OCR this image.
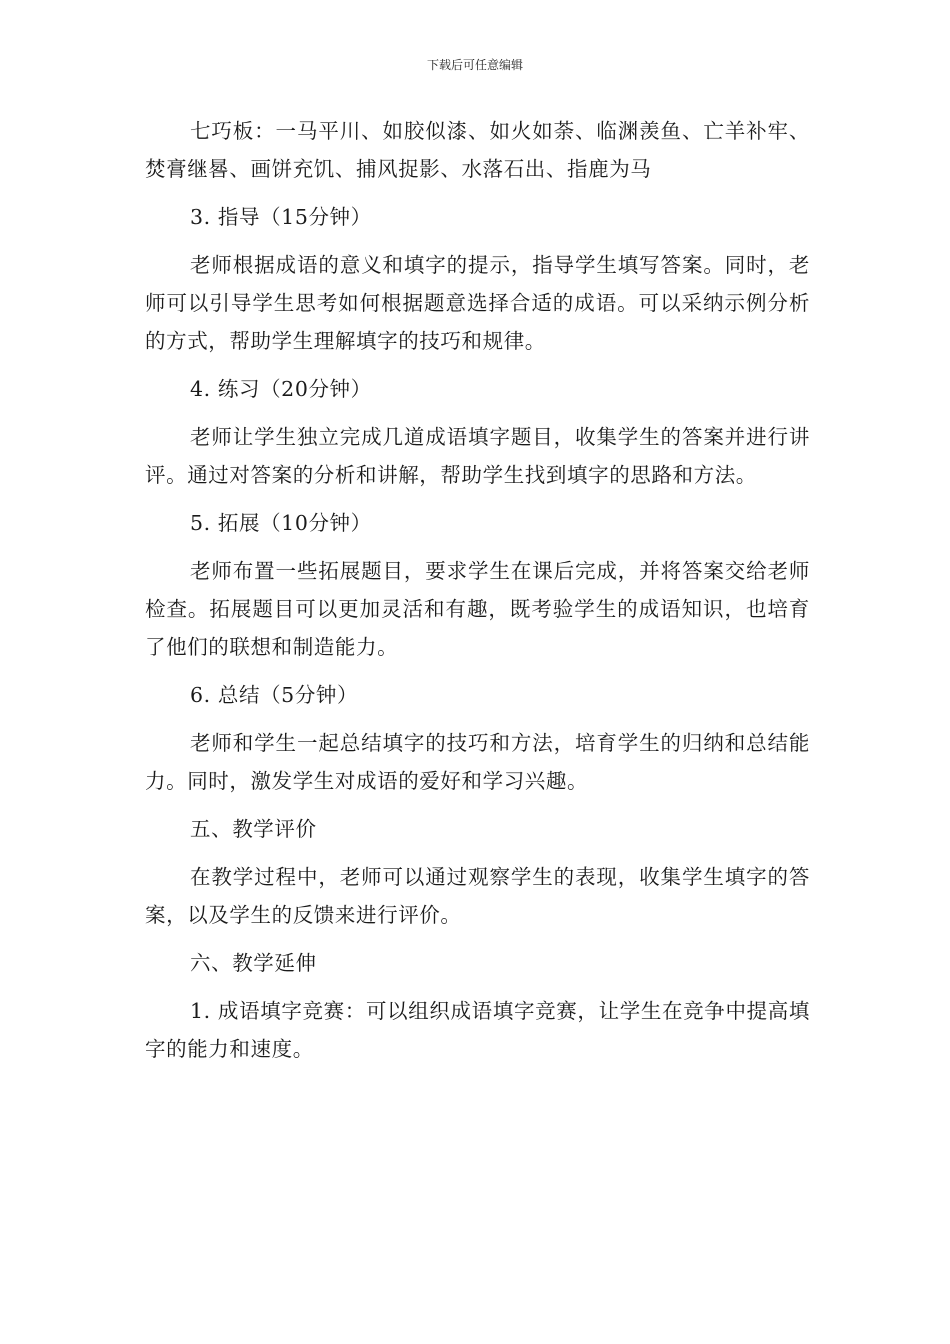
下载后可任意编辑

七巧板：一马平川、如胶似漆、如火如荼、临渊羡鱼、亡羊补牢、焚膏继晷、画饼充饥、捕风捉影、水落石出、指鹿为马

3. 指导（15分钟）

老师根据成语的意义和填字的提示，指导学生填写答案。同时，老师可以引导学生思考如何根据题意选择合适的成语。可以采纳示例分析的方式，帮助学生理解填字的技巧和规律。

4. 练习（20分钟）

老师让学生独立完成几道成语填字题目，收集学生的答案并进行讲评。通过对答案的分析和讲解，帮助学生找到填字的思路和方法。

5. 拓展（10分钟）

老师布置一些拓展题目，要求学生在课后完成，并将答案交给老师检查。拓展题目可以更加灵活和有趣，既考验学生的成语知识，也培育了他们的联想和制造能力。

6. 总结（5分钟）

老师和学生一起总结填字的技巧和方法，培育学生的归纳和总结能力。同时，激发学生对成语的爱好和学习兴趣。

五、教学评价

在教学过程中，老师可以通过观察学生的表现，收集学生填字的答案，以及学生的反馈来进行评价。

六、教学延伸

1. 成语填字竞赛：可以组织成语填字竞赛，让学生在竞争中提高填字的能力和速度。
